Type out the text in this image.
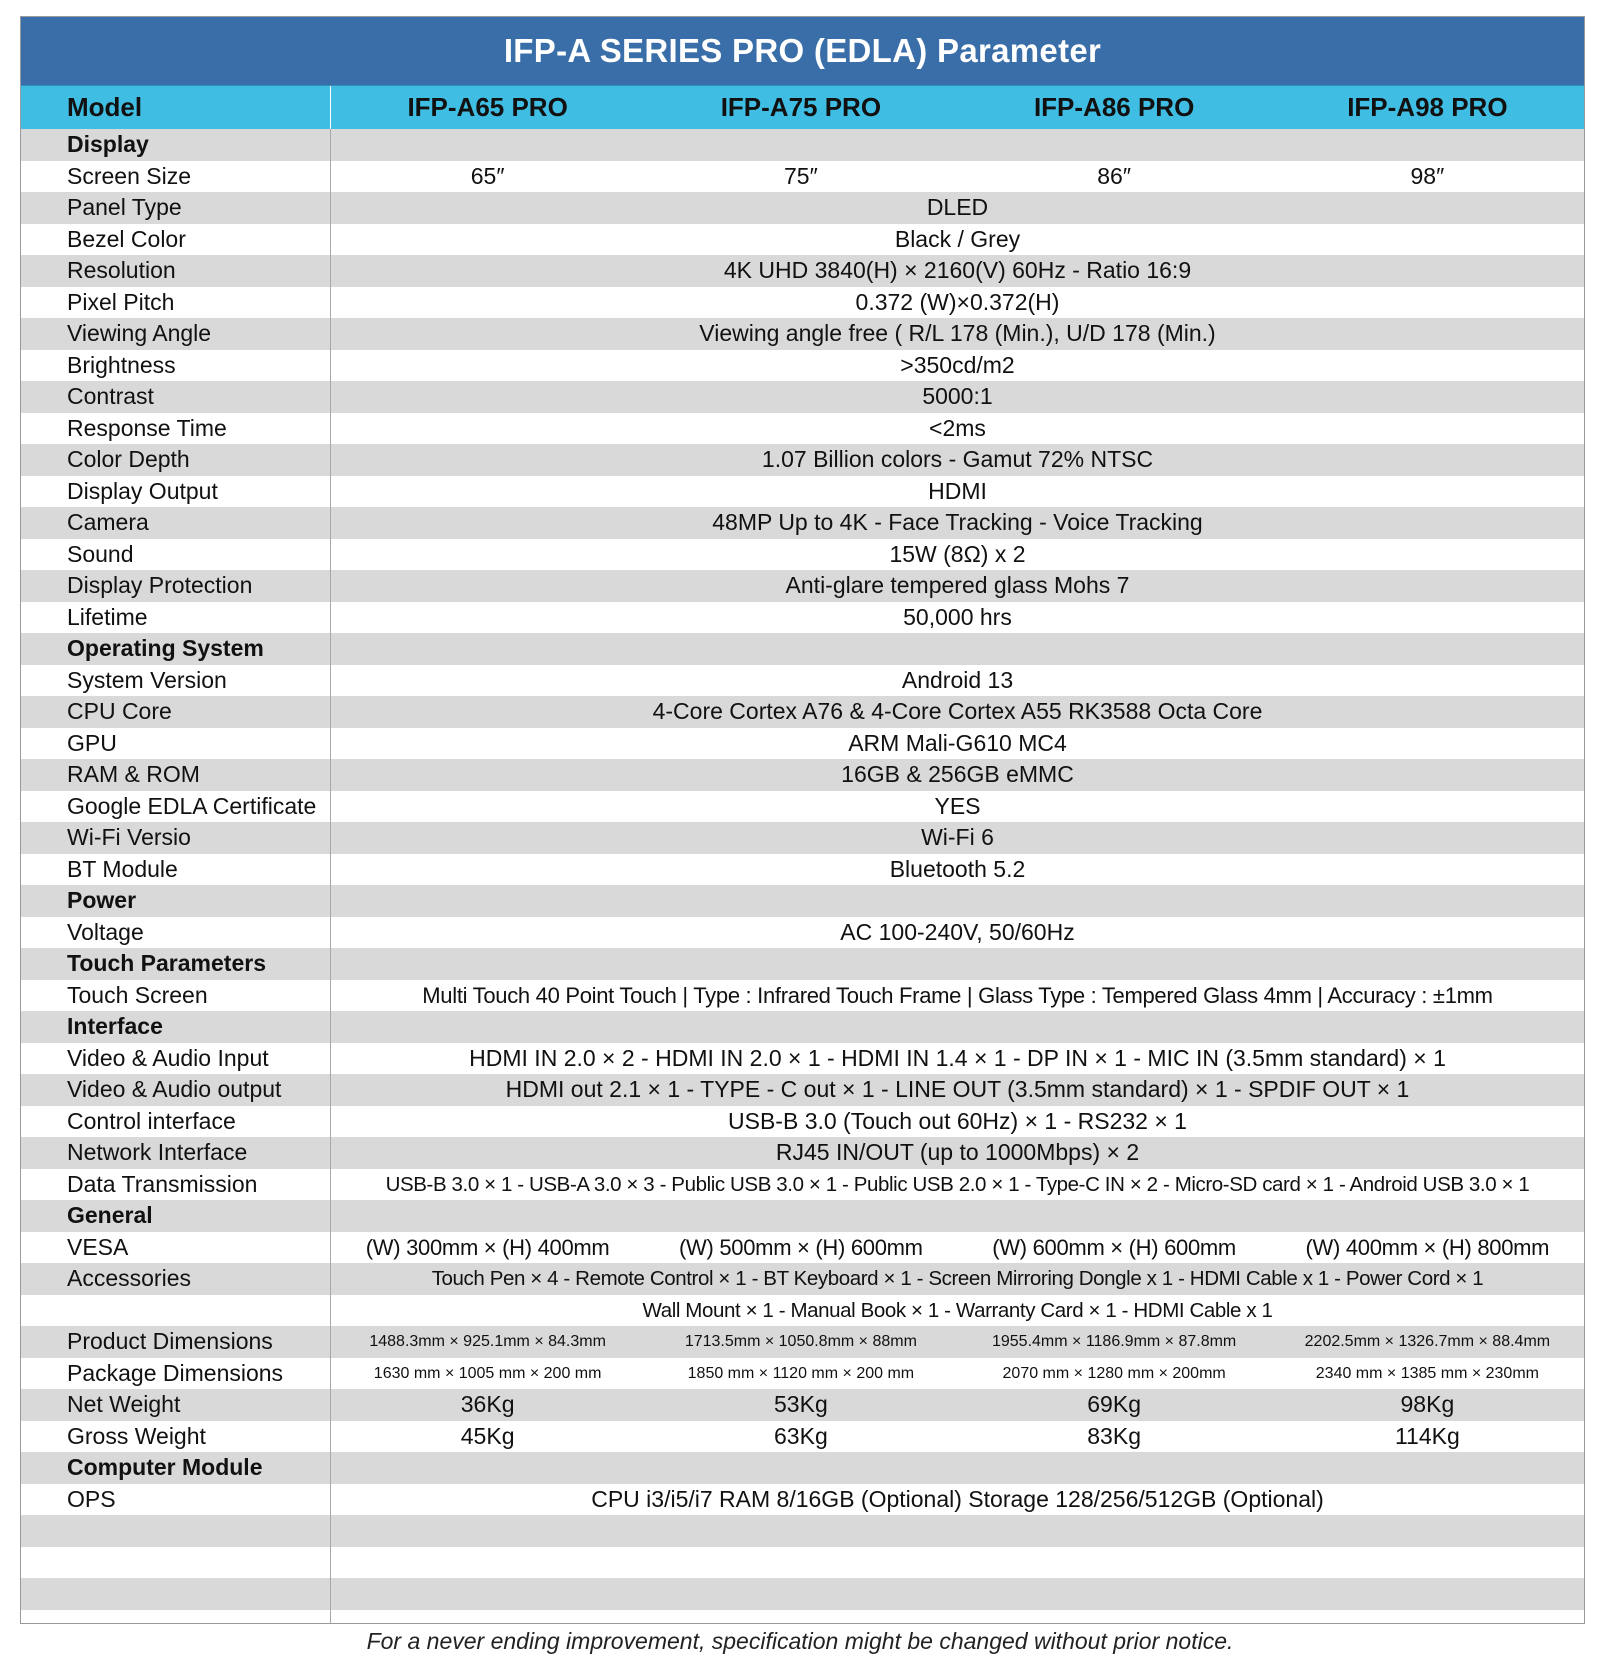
IFP-A SERIES PRO (EDLA) Parameter
Model	IFP-A65 PRO	IFP-A75 PRO	IFP-A86 PRO	IFP-A98 PRO
Display
Screen Size	65″	75″	86″	98″
Panel Type	DLED
Bezel Color	Black / Grey
Resolution	4K UHD 3840(H) × 2160(V) 60Hz - Ratio 16:9
Pixel Pitch	0.372 (W)×0.372(H)
Viewing Angle	Viewing angle free ( R/L 178 (Min.), U/D 178 (Min.)
Brightness	>350cd/m2
Contrast	5000:1
Response Time	<2ms
Color Depth	1.07 Billion colors - Gamut 72% NTSC
Display Output	HDMI
Camera	48MP Up to 4K - Face Tracking - Voice Tracking
Sound	15W (8Ω) x 2
Display Protection	Anti-glare tempered glass Mohs 7
Lifetime	50,000 hrs
Operating System
System Version	Android 13
CPU Core	4-Core Cortex A76 & 4-Core Cortex A55 RK3588 Octa Core
GPU	ARM Mali-G610 MC4
RAM & ROM	16GB & 256GB eMMC
Google EDLA Certificate	YES
Wi-Fi Versio	Wi-Fi 6
BT Module	Bluetooth 5.2
Power
Voltage	AC 100-240V, 50/60Hz
Touch Parameters
Touch Screen	Multi Touch 40 Point Touch | Type : Infrared Touch Frame | Glass Type : Tempered Glass 4mm | Accuracy : ±1mm
Interface
Video & Audio Input	HDMI IN 2.0 × 2 - HDMI IN 2.0 × 1 - HDMI IN 1.4 × 1 - DP IN × 1 - MIC IN (3.5mm standard) × 1
Video & Audio output	HDMI out 2.1 × 1 - TYPE - C out × 1 - LINE OUT (3.5mm standard) × 1 - SPDIF OUT × 1
Control interface	USB-B 3.0 (Touch out 60Hz) × 1 - RS232 × 1
Network Interface	RJ45 IN/OUT (up to 1000Mbps) × 2
Data Transmission	USB-B 3.0 × 1 - USB-A 3.0 × 3 - Public USB 3.0 × 1 - Public USB 2.0 × 1 - Type-C IN × 2 - Micro-SD card × 1 - Android USB 3.0 × 1
General
VESA	(W) 300mm × (H) 400mm	(W) 500mm × (H) 600mm	(W) 600mm × (H) 600mm	(W) 400mm × (H) 800mm
Accessories	Touch Pen × 4 - Remote Control × 1 - BT Keyboard × 1 - Screen Mirroring Dongle x 1 - HDMI Cable x 1 - Power Cord × 1
Wall Mount × 1 - Manual Book × 1 - Warranty Card × 1 - HDMI Cable x 1
Product Dimensions	1488.3mm × 925.1mm × 84.3mm	1713.5mm × 1050.8mm × 88mm	1955.4mm × 1186.9mm × 87.8mm	2202.5mm × 1326.7mm × 88.4mm
Package Dimensions	1630 mm × 1005 mm × 200 mm	1850 mm × 1120 mm × 200 mm	2070 mm × 1280 mm × 200mm	2340 mm × 1385 mm × 230mm
Net Weight	36Kg	53Kg	69Kg	98Kg
Gross Weight	45Kg	63Kg	83Kg	114Kg
Computer Module
OPS	CPU i3/i5/i7 RAM 8/16GB (Optional) Storage 128/256/512GB (Optional)
For a never ending improvement, specification might be changed without prior notice.
